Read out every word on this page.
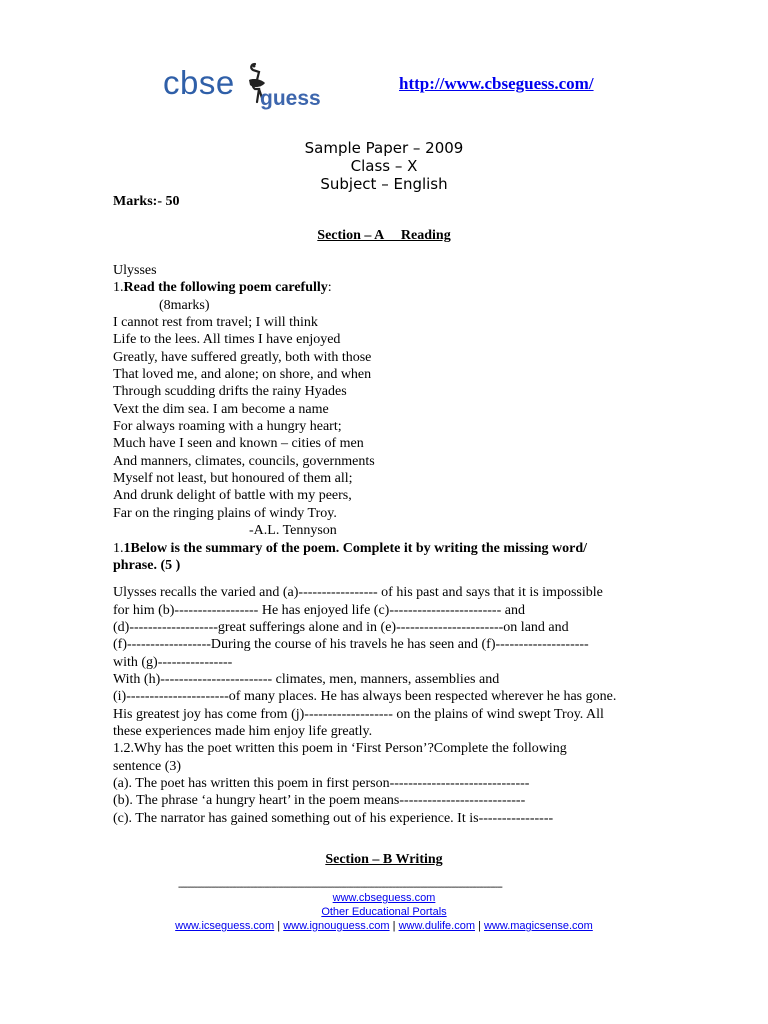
cbse guess
http://www.cbseguess.com/
Sample Paper – 2009
Class – X
Subject – English
Marks:- 50
Section – A     Reading
Ulysses
1.Read the following poem carefully:
(8marks)
I cannot rest from travel; I will think
Life to the lees. All times I have enjoyed
Greatly, have suffered greatly, both with those
That loved me, and alone; on shore, and when
Through scudding drifts the rainy Hyades
Vext the dim sea. I am become a name
For always roaming with a hungry heart;
Much have I seen and known – cities of men
And manners, climates, councils, governments
Myself not least, but honoured of them all;
And drunk delight of battle with my peers,
Far on the ringing plains of windy Troy.
-A.L. Tennyson
1.1Below is the summary of the poem. Complete it by writing the missing word/
phrase. (5 )
Ulysses recalls the varied and (a)----------------- of his past and says that it is impossible
for him (b)------------------ He has enjoyed life (c)------------------------ and
(d)-------------------great sufferings alone and in (e)-----------------------on land and
(f)------------------During the course of his travels he has seen and (f)--------------------
with (g)----------------
With (h)------------------------ climates, men, manners, assemblies and
(i)----------------------of many places. He has always been respected wherever he has gone.
His greatest joy has come from (j)------------------- on the plains of wind swept Troy. All
these experiences made him enjoy life greatly.
1.2.Why has the poet written this poem in ‘First Person’?Complete the following
sentence (3)
(a). The poet has written this poem in first person------------------------------
(b). The phrase ‘a hungry heart’ in the poem means---------------------------
(c). The narrator has gained something out of his experience. It is----------------
Section – B Writing
-------------------------------------------------------------------------------------------------------------------------------------------
www.cbseguess.com
Other Educational Portals
www.icseguess.com | www.ignouguess.com | www.dulife.com | www.magicsense.com
